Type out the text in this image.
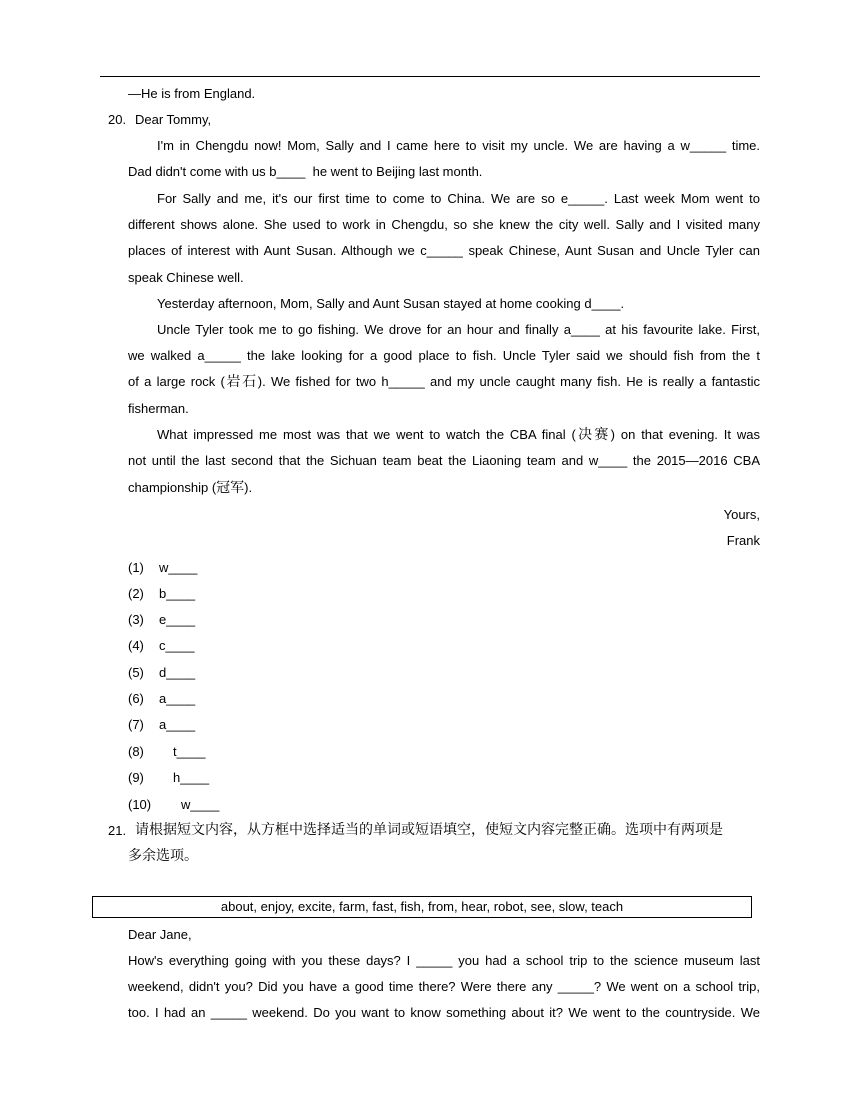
—He is from England.
20. Dear Tommy,
I'm in Chengdu now! Mom, Sally and I came here to visit my uncle. We are having a w_____ time.
Dad didn't come with us b____  he went to Beijing last month.
For Sally and me, it's our first time to come to China. We are so e_____. Last week Mom went to
different shows alone. She used to work in Chengdu, so she knew the city well. Sally and I visited many
places of interest with Aunt Susan. Although we c_____ speak Chinese, Aunt Susan and Uncle Tyler can
speak Chinese well.
Yesterday afternoon, Mom, Sally and Aunt Susan stayed at home cooking d____.
Uncle Tyler took me to go fishing. We drove for an hour and finally a____ at his favourite lake. First,
we walked a_____ the lake looking for a good place to fish. Uncle Tyler said we should fish from the t
of a large rock (岩石). We fished for two h_____ and my uncle caught many fish. He is really a fantastic
fisherman.
What impressed me most was that we went to watch the CBA final (决赛) on that evening. It was
not until the last second that the Sichuan team beat the Liaoning team and w____ the 2015—2016 CBA
championship (冠军).
Yours,
Frank
(1) w____
(2) b____
(3) e____
(4) c____
(5) d____
(6) a____
(7) a____
(8) t____
(9) h____
(10) w____
21. 请根据短文内容，从方框中选择适当的单词或短语填空，使短文内容完整正确。选项中有两项是
多余选项。
about, enjoy, excite, farm, fast, fish, from, hear, robot, see, slow, teach
Dear Jane,
How's everything going with you these days? I _____ you had a school trip to the science museum last
weekend, didn't you? Did you have a good time there? Were there any _____? We went on a school trip,
too. I had an _____ weekend. Do you want to know something about it? We went to the countryside. We
